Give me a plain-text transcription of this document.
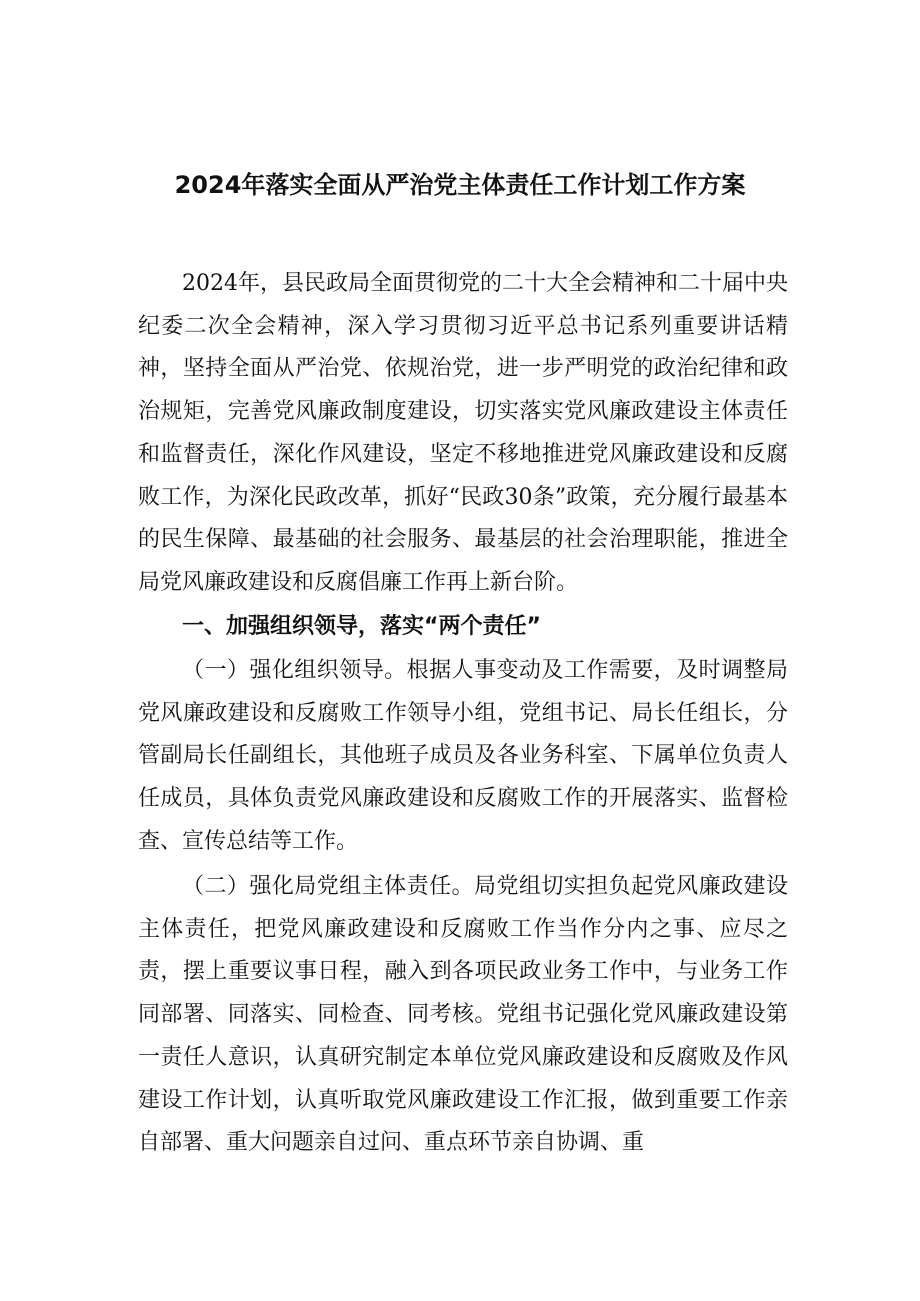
2024年落实全面从严治党主体责任工作计划工作方案

2024年，县民政局全面贯彻党的二十大全会精神和二十届中央纪委二次全会精神，深入学习贯彻习近平总书记系列重要讲话精神，坚持全面从严治党、依规治党，进一步严明党的政治纪律和政治规矩，完善党风廉政制度建设，切实落实党风廉政建设主体责任和监督责任，深化作风建设，坚定不移地推进党风廉政建设和反腐败工作，为深化民政改革，抓好“民政30条”政策，充分履行最基本的民生保障、最基础的社会服务、最基层的社会治理职能，推进全局党风廉政建设和反腐倡廉工作再上新台阶。

一、加强组织领导，落实“两个责任”

（一）强化组织领导。根据人事变动及工作需要，及时调整局党风廉政建设和反腐败工作领导小组，党组书记、局长任组长，分管副局长任副组长，其他班子成员及各业务科室、下属单位负责人任成员，具体负责党风廉政建设和反腐败工作的开展落实、监督检查、宣传总结等工作。

（二）强化局党组主体责任。局党组切实担负起党风廉政建设主体责任，把党风廉政建设和反腐败工作当作分内之事、应尽之责，摆上重要议事日程，融入到各项民政业务工作中，与业务工作同部署、同落实、同检查、同考核。党组书记强化党风廉政建设第一责任人意识，认真研究制定本单位党风廉政建设和反腐败及作风建设工作计划，认真听取党风廉政建设工作汇报，做到重要工作亲自部署、重大问题亲自过问、重点环节亲自协调、重
